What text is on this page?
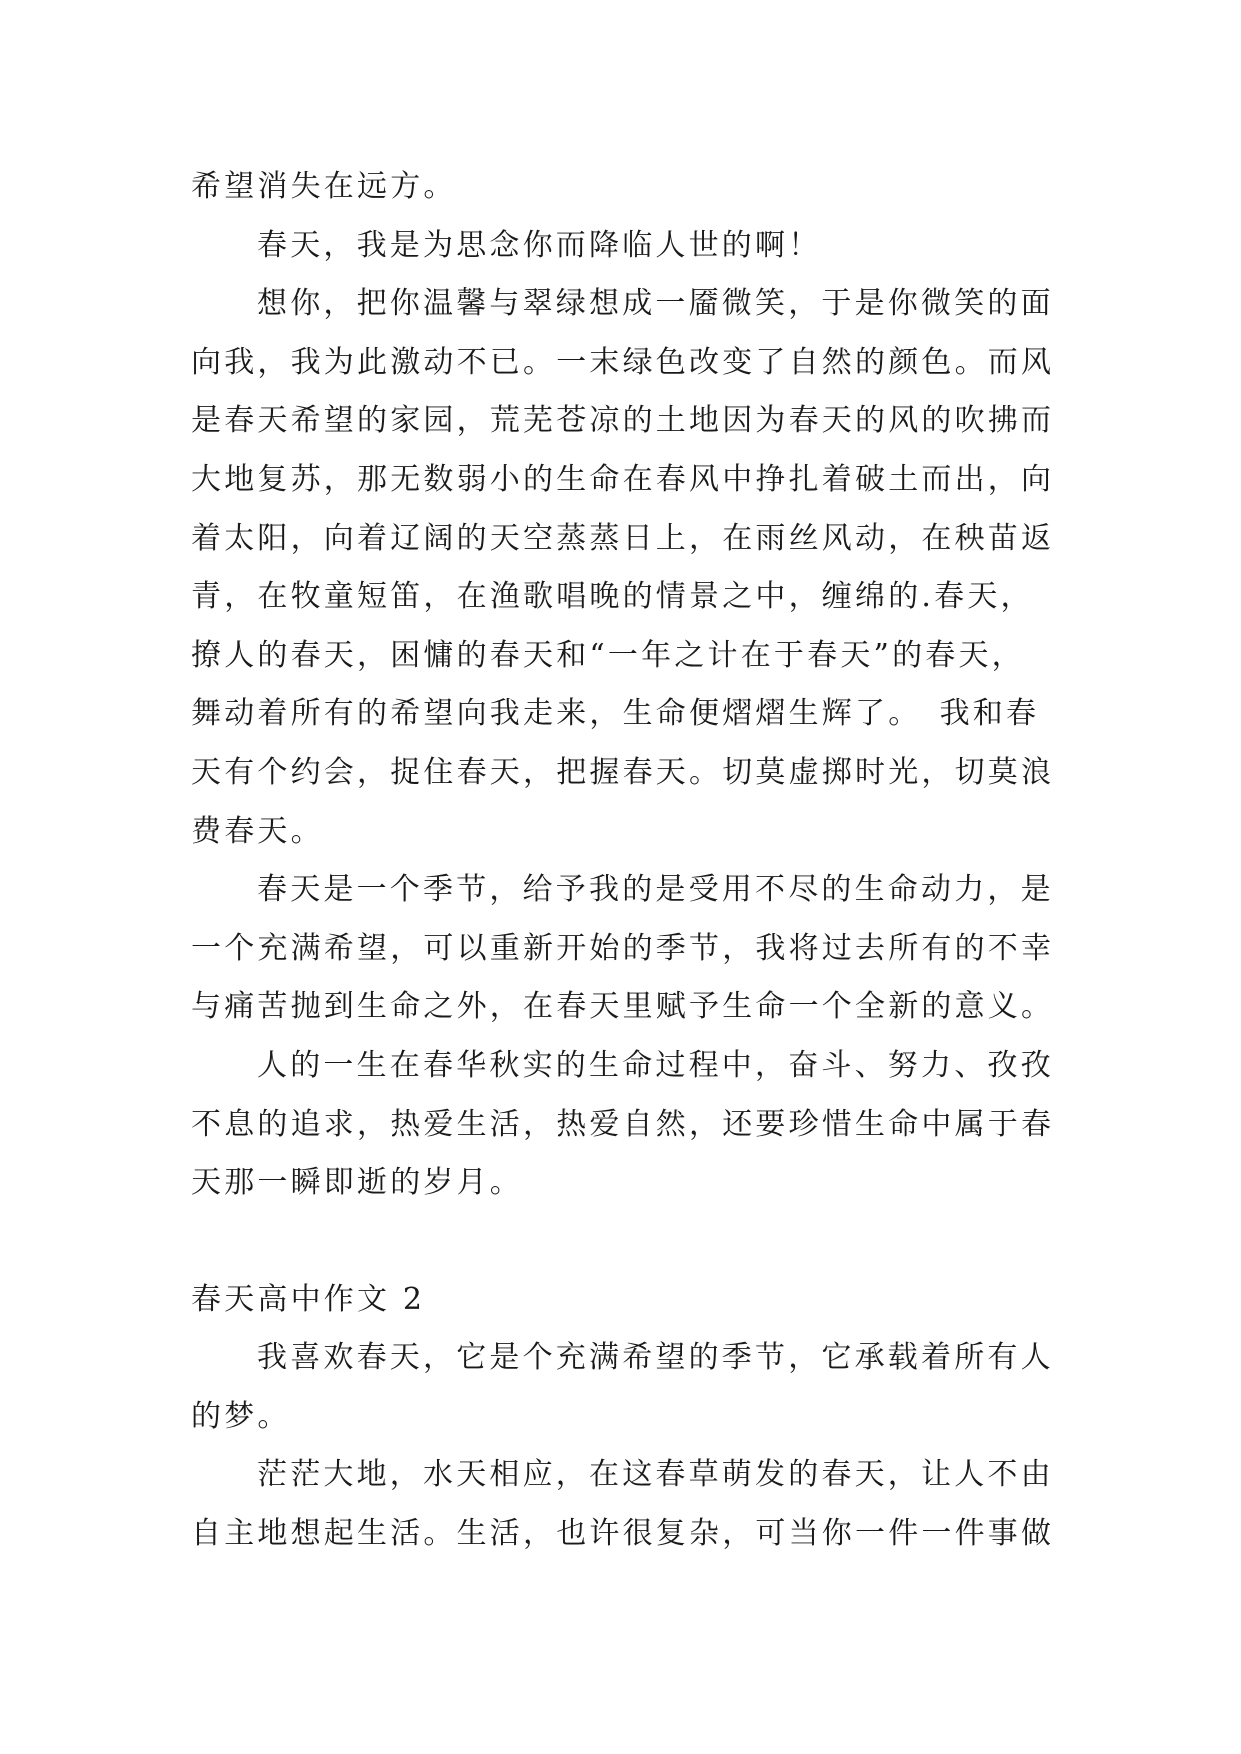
希望消失在远方。

春天，我是为思念你而降临人世的啊！

想你，把你温馨与翠绿想成一靥微笑，于是你微笑的面
向我，我为此激动不已。一末绿色改变了自然的颜色。而风
是春天希望的家园，荒芜苍凉的土地因为春天的风的吹拂而
大地复苏，那无数弱小的生命在春风中挣扎着破土而出，向
着太阳，向着辽阔的天空蒸蒸日上，在雨丝风动，在秧苗返
青，在牧童短笛，在渔歌唱晚的情景之中，缠绵的.春天，
撩人的春天，困慵的春天和“一年之计在于春天”的春天，
舞动着所有的希望向我走来，生命便熠熠生辉了。　我和春
天有个约会，捉住春天，把握春天。切莫虚掷时光，切莫浪
费春天。

春天是一个季节，给予我的是受用不尽的生命动力，是
一个充满希望，可以重新开始的季节，我将过去所有的不幸
与痛苦抛到生命之外，在春天里赋予生命一个全新的意义。

人的一生在春华秋实的生命过程中，奋斗、努力、孜孜
不息的追求，热爱生活，热爱自然，还要珍惜生命中属于春
天那一瞬即逝的岁月。

春天高中作文 2

我喜欢春天，它是个充满希望的季节，它承载着所有人
的梦。

茫茫大地，水天相应，在这春草萌发的春天，让人不由
自主地想起生活。生活，也许很复杂，可当你一件一件事做
